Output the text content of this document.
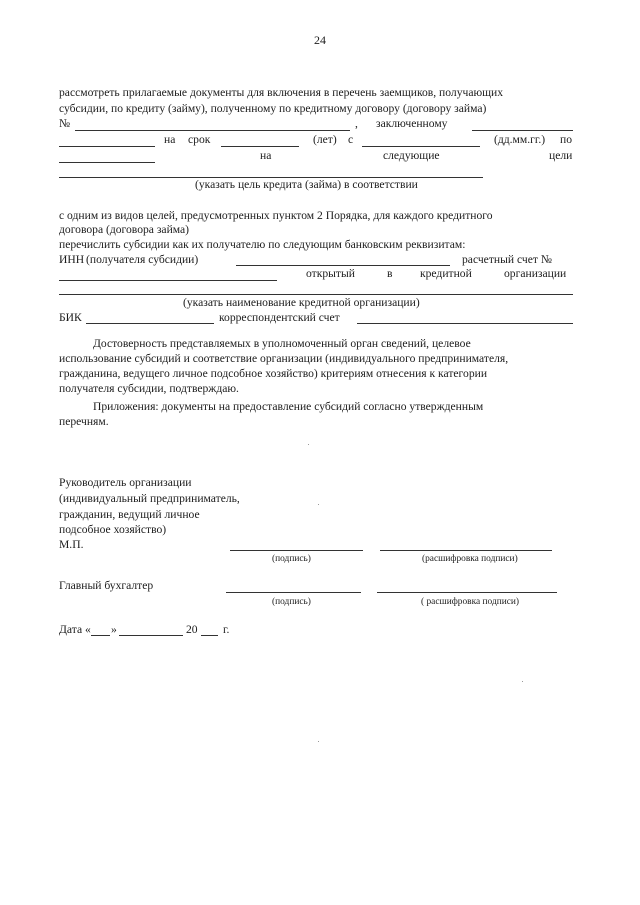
24
рассмотреть прилагаемые документы для включения в перечень заемщиков, получающих
субсидии, по кредиту (займу), полученному по кредитному договору (договору займа)
№	, заключенному
на срок	(лет) с	(дд.мм.гг.) по
на	следующие	цели
(указать цель кредита (займа) в соответствии
с одним из видов целей, предусмотренных пунктом 2 Порядка, для каждого кредитного
договора (договора займа)
перечислить субсидии как их получателю по следующим банковским реквизитам:
ИНН (получателя субсидии)	расчетный счет №
открытый	в кредитной	организации
(указать наименование кредитной организации)
БИК	корреспондентский счет
Достоверность представляемых в уполномоченный орган сведений, целевое
использование субсидий и соответствие организации (индивидуального предпринимателя,
гражданина, ведущего личное подсобное хозяйство) критериям отнесения к категории
получателя субсидии, подтверждаю.
Приложения: документы на предоставление субсидий согласно утвержденным
перечням.
Руководитель организации
(индивидуальный предприниматель,
гражданин, ведущий личное
подсобное хозяйство)
М.П.
(подпись)	(расшифровка подписи)
Главный бухгалтер
(подпись)	( расшифровка подписи)
Дата « »	20 г.
